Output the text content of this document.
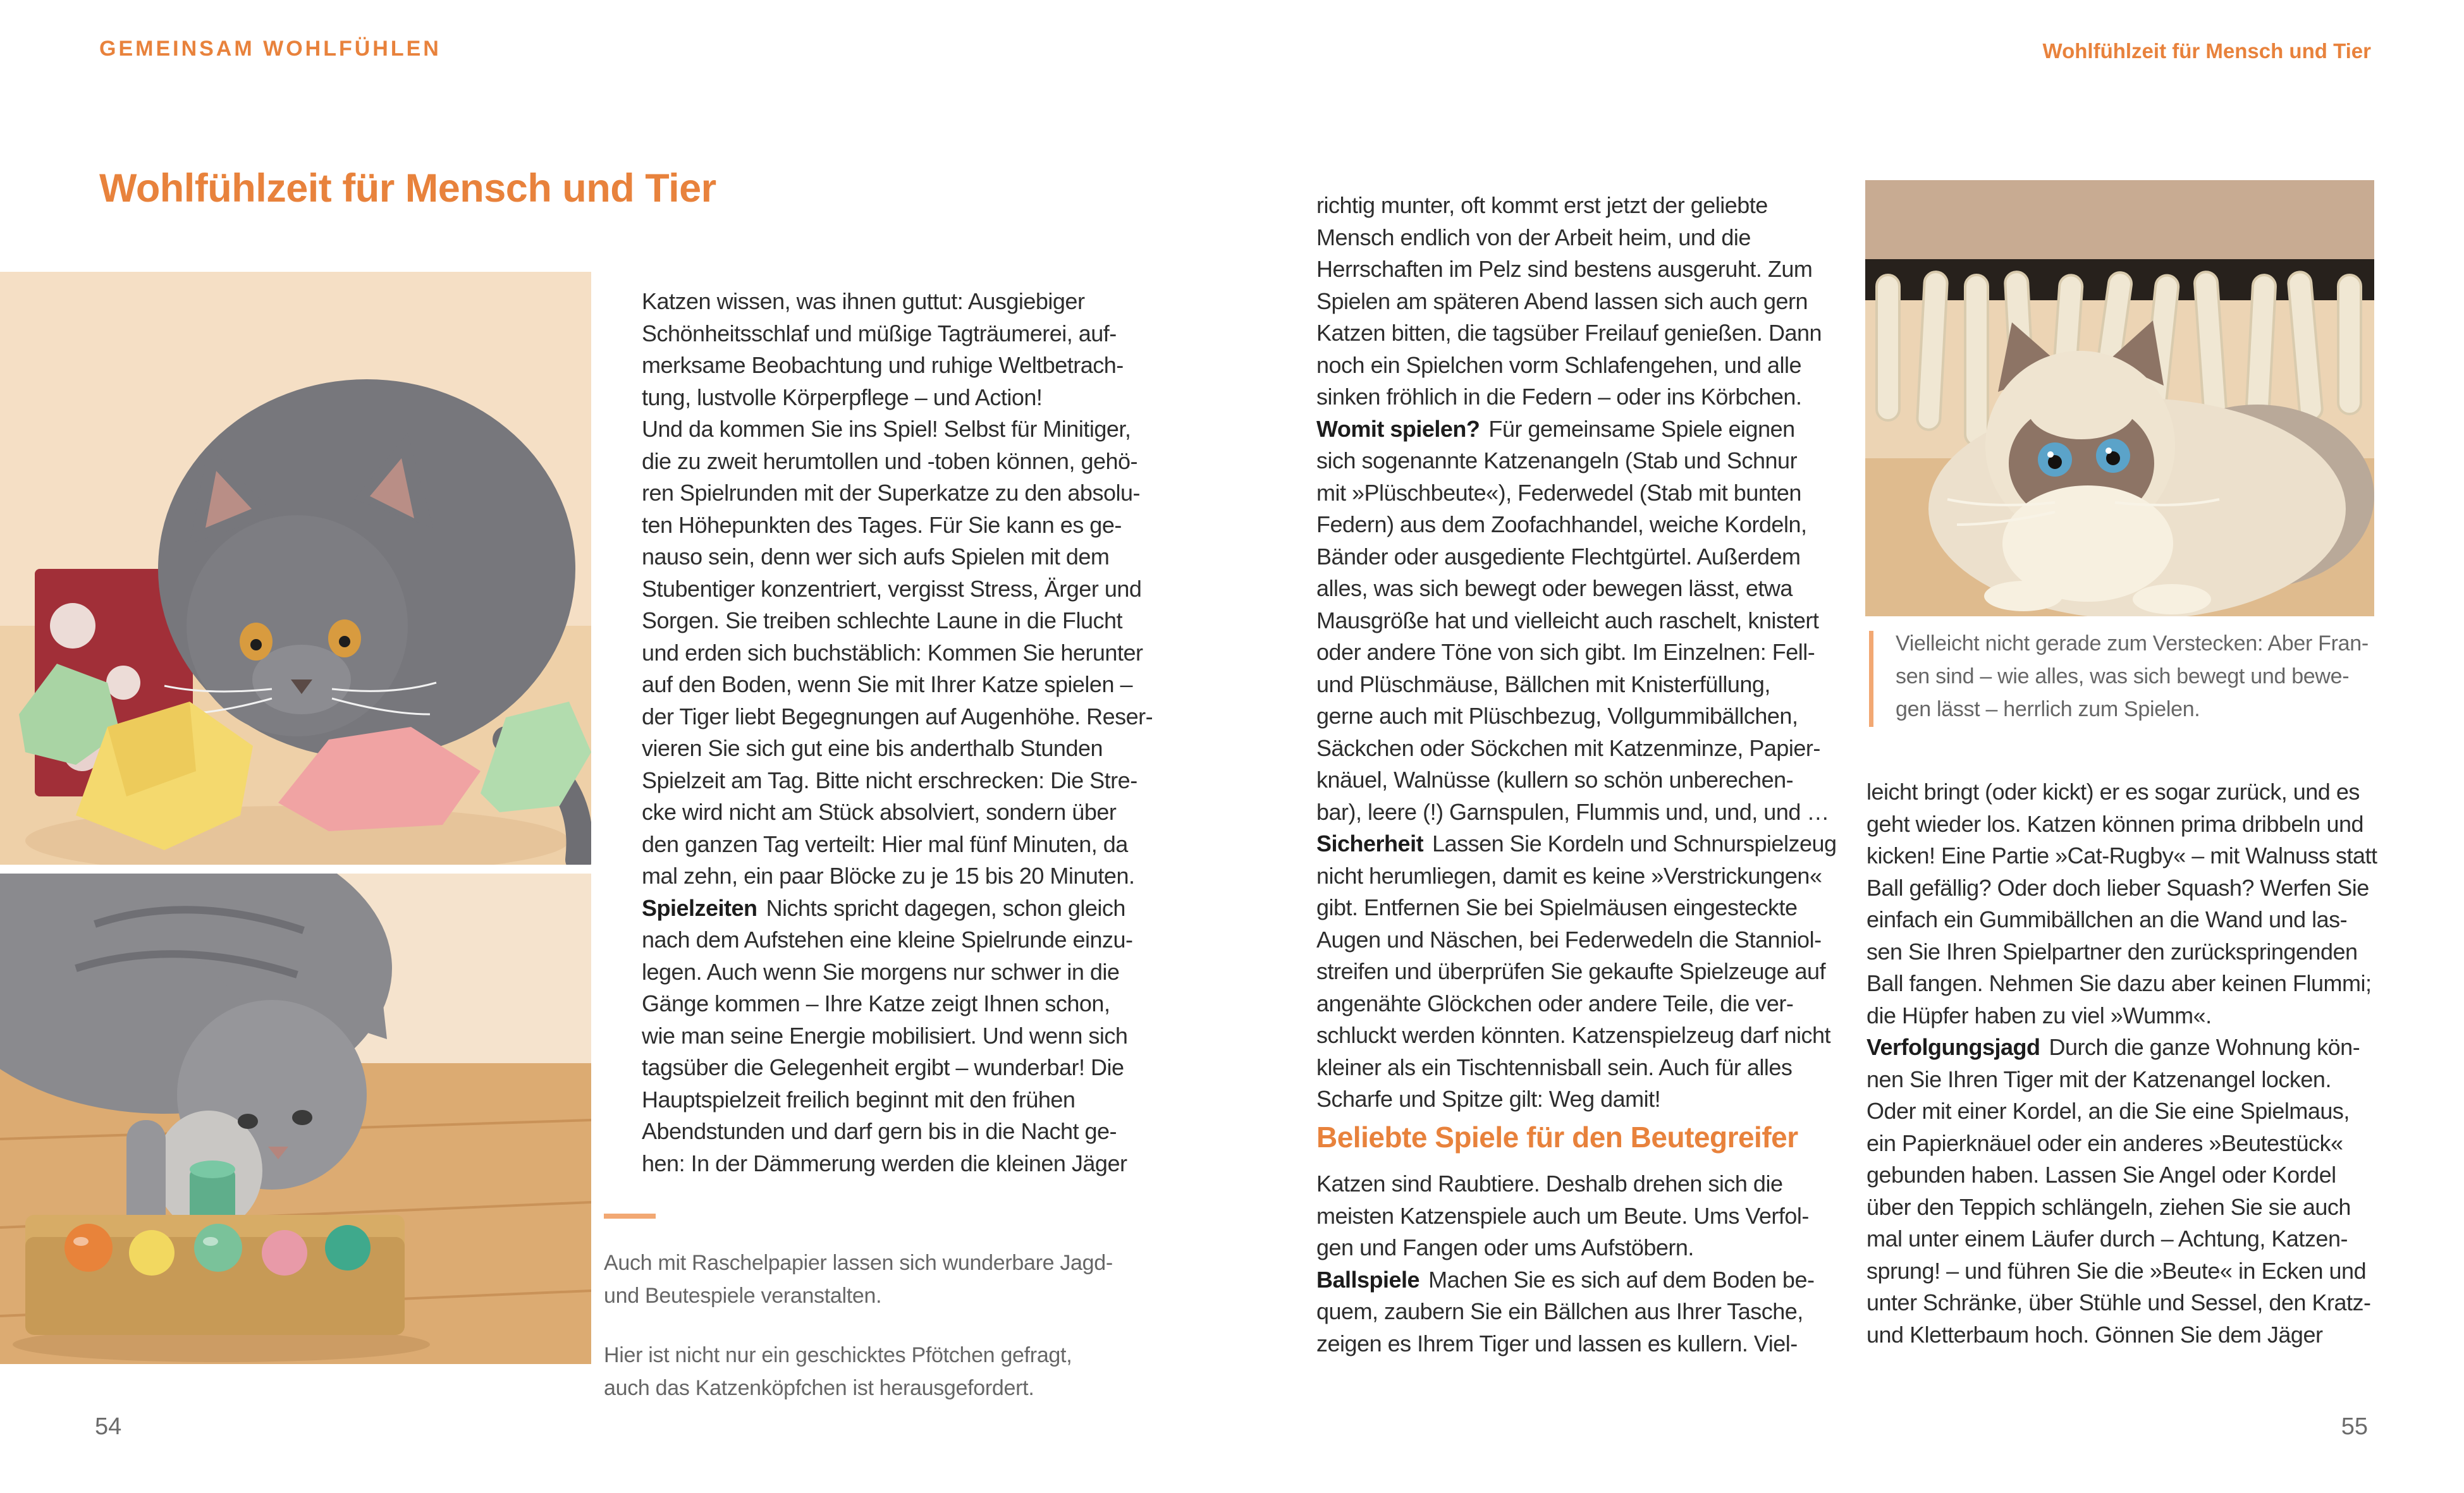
GEMEINSAM WOHLFÜHLEN
Wohlfühlzeit für Mensch und Tier
Katzen wissen, was ihnen guttut: Ausgiebiger
Schönheitsschlaf und müßige Tagträumerei, auf-
merksame Beobachtung und ruhige Weltbetrach-
tung, lustvolle Körperpflege – und Action!
Und da kommen Sie ins Spiel! Selbst für Minitiger,
die zu zweit herumtollen und -toben können, gehö-
ren Spielrunden mit der Superkatze zu den absolu-
ten Höhepunkten des Tages. Für Sie kann es ge-
nauso sein, denn wer sich aufs Spielen mit dem
Stubentiger konzentriert, vergisst Stress, Ärger und
Sorgen. Sie treiben schlechte Laune in die Flucht
und erden sich buchstäblich: Kommen Sie herunter
auf den Boden, wenn Sie mit Ihrer Katze spielen –
der Tiger liebt Begegnungen auf Augenhöhe. Reser-
vieren Sie sich gut eine bis anderthalb Stunden
Spielzeit am Tag. Bitte nicht erschrecken: Die Stre-
cke wird nicht am Stück absolviert, sondern über
den ganzen Tag verteilt: Hier mal fünf Minuten, da
mal zehn, ein paar Blöcke zu je 15 bis 20 Minuten.
Spielzeiten Nichts spricht dagegen, schon gleich
nach dem Aufstehen eine kleine Spielrunde einzu-
legen. Auch wenn Sie morgens nur schwer in die
Gänge kommen – Ihre Katze zeigt Ihnen schon,
wie man seine Energie mobilisiert. Und wenn sich
tagsüber die Gelegenheit ergibt – wunderbar! Die
Hauptspielzeit freilich beginnt mit den frühen
Abendstunden und darf gern bis in die Nacht ge-
hen: In der Dämmerung werden die kleinen Jäger
Auch mit Raschelpapier lassen sich wunderbare Jagd-
und Beutespiele veranstalten.
Hier ist nicht nur ein geschicktes Pfötchen gefragt,
auch das Katzenköpfchen ist herausgefordert.
54
Wohlfühlzeit für Mensch und Tier
richtig munter, oft kommt erst jetzt der geliebte
Mensch endlich von der Arbeit heim, und die
Herrschaften im Pelz sind bestens ausgeruht. Zum
Spielen am späteren Abend lassen sich auch gern
Katzen bitten, die tagsüber Freilauf genießen. Dann
noch ein Spielchen vorm Schlafengehen, und alle
sinken fröhlich in die Federn – oder ins Körbchen.
Womit spielen? Für gemeinsame Spiele eignen
sich sogenannte Katzenangeln (Stab und Schnur
mit »Plüschbeute«), Federwedel (Stab mit bunten
Federn) aus dem Zoofachhandel, weiche Kordeln,
Bänder oder ausgediente Flechtgürtel. Außerdem
alles, was sich bewegt oder bewegen lässt, etwa
Mausgröße hat und vielleicht auch raschelt, knistert
oder andere Töne von sich gibt. Im Einzelnen: Fell-
und Plüschmäuse, Bällchen mit Knisterfüllung,
gerne auch mit Plüschbezug, Vollgummibällchen,
Säckchen oder Söckchen mit Katzenminze, Papier-
knäuel, Walnüsse (kullern so schön unberechen-
bar), leere (!) Garnspulen, Flummis und, und, und …
Sicherheit Lassen Sie Kordeln und Schnurspielzeug
nicht herumliegen, damit es keine »Verstrickungen«
gibt. Entfernen Sie bei Spielmäusen eingesteckte
Augen und Näschen, bei Federwedeln die Stanniol-
streifen und überprüfen Sie gekaufte Spielzeuge auf
angenähte Glöckchen oder andere Teile, die ver-
schluckt werden könnten. Katzenspielzeug darf nicht
kleiner als ein Tischtennisball sein. Auch für alles
Scharfe und Spitze gilt: Weg damit!
Beliebte Spiele für den Beutegreifer
Katzen sind Raubtiere. Deshalb drehen sich die
meisten Katzenspiele auch um Beute. Ums Verfol-
gen und Fangen oder ums Aufstöbern.
Ballspiele Machen Sie es sich auf dem Boden be-
quem, zaubern Sie ein Bällchen aus Ihrer Tasche,
zeigen es Ihrem Tiger und lassen es kullern. Viel-
Vielleicht nicht gerade zum Verstecken: Aber Fran-
sen sind – wie alles, was sich bewegt und bewe-
gen lässt – herrlich zum Spielen.
leicht bringt (oder kickt) er es sogar zurück, und es
geht wieder los. Katzen können prima dribbeln und
kicken! Eine Partie »Cat-Rugby« – mit Walnuss statt
Ball gefällig? Oder doch lieber Squash? Werfen Sie
einfach ein Gummibällchen an die Wand und las-
sen Sie Ihren Spielpartner den zurückspringenden
Ball fangen. Nehmen Sie dazu aber keinen Flummi;
die Hüpfer haben zu viel »Wumm«.
Verfolgungsjagd Durch die ganze Wohnung kön-
nen Sie Ihren Tiger mit der Katzenangel locken.
Oder mit einer Kordel, an die Sie eine Spielmaus,
ein Papierknäuel oder ein anderes »Beutestück«
gebunden haben. Lassen Sie Angel oder Kordel
über den Teppich schlängeln, ziehen Sie sie auch
mal unter einem Läufer durch – Achtung, Katzen-
sprung! – und führen Sie die »Beute« in Ecken und
unter Schränke, über Stühle und Sessel, den Kratz-
und Kletterbaum hoch. Gönnen Sie dem Jäger
55
